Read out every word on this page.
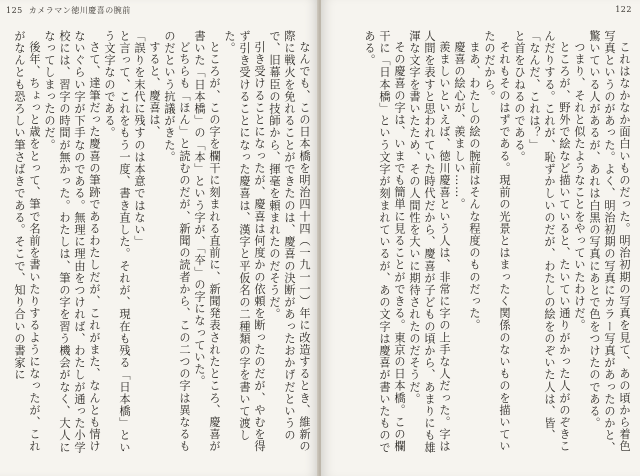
125 カメラマン徳川慶喜の腕前

なんでも、この日本橋を明治四十四（一九一一）年に改造するとき、維新の際に戦火を免れることができたのは、慶喜の決断があったおかげだというので、旧幕臣の技師から、揮毫を頼まれたのだそうだ。

引き受けることになったが、慶喜は何度かの依頼を断ったのだが、やむを得ず引き受けることになった慶喜は、漢字と平仮名の二種類の字を書いて渡した。

ところが、この字を欄干に刻まれる直前に、新聞発表されたところ、慶喜が書いた「日本橋」の「本」という字が、「夲」の字になっていた。

どちらも「ほん」と読むのだが、新聞の読者から、この二つの字は異なるものだという抗議がきた。

すると、慶喜は、

「誤りを末代に残すのは本意ではない」

と言って、これをもう一度、書き直した。それが、現在も残る「日本橋」という文字なのである。

さて、達筆だった慶喜の筆跡であるわたしだが、これがまた、なんとも情けないぐらい字が下手なのである。無理に理由をつければ、わたしが通った小学校には、習字の時間が無かった。わたしは、筆の字を習う機会がなく、大人になってしまったのだ。

後年、ちょっと歳をとって、筆で名前を書いたりするようになったが、これがなんとも恐ろしい筆さばきである。そこで、知り合いの書家に

122

これはなかなか面白いものだった。明治初期の写真を見て、あの頃から着色写真というのがあった。よく、明治初期の写真にカラー写真があったのかと、驚いている人があるが、あれは白黒の写真にあとで色をつけたのである。

つまり、それと似たようなことをやっていたわけだ。

ところが、野外で絵など描いていると、たいてい通りがかった人がのぞきこんだりする。これが、恥ずかしいのだが、わたしの絵をのぞいた人は、皆、

「なんだ、これは？」

と首をひねるのである。

それもそのはずである。現前の光景とはまったく関係のないものを描いていたのだから。

まあ、わたしの絵の腕前はそんな程度のものだった。

慶喜の絵心が、羨ましい……。

羨ましいといえば、徳川慶喜という人は、非常に字の上手な人だった。字は人間を表すと思われていた時代だから、慶喜が子どもの頃から、あまりにも雄渾な文字を書いたため、その人間性を大いに期待されたのだそうだ。

その慶喜の字は、いまでも簡単に見ることができる。東京の日本橋。この欄干に「日本橋」という文字が刻まれているが、あの文字は慶喜が書いたものである。
